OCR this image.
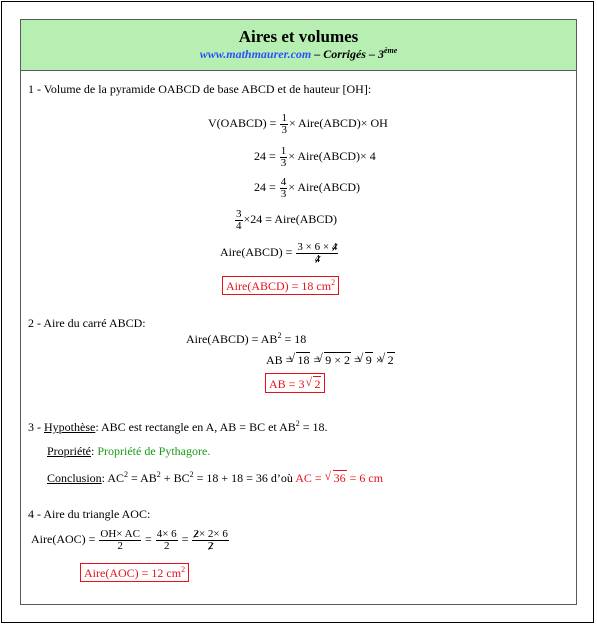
Aires et volumes
www.mathmaurer.com – Corrigés – 3ème
1 - Volume de la pyramide OABCD de base ABCD et de hauteur [OH]:
V(OABCD) = $\frac{1}{3}$ × Aire(ABCD)× OH
$24 = \frac{1}{3}$ × Aire(ABCD)× 4
$24 = \frac{4}{3}$ × Aire(ABCD)
$\frac{3}{4} \times 24$ = Aire(ABCD)
Aire(ABCD) = $\frac{3 \times 6 \times 4}{4}$
Aire(ABCD) = 18 $cm^2$
2 - Aire du carré ABCD:
Aire(ABCD) = $AB^2 = 18$
AB = √ 18 = √ 9 × 2 = √ 9 × √ 2
AB = 3√ 2
3 - Hypothèse: ABC est rectangle en A, AB = BC et $AB^2 = 18$.
Propriété: Propriété de Pythagore.
Conclusion: $AC^2 = AB^2 + BC^2 = 18 + 18 = 36$ d’où AC = √ 36 = 6 cm
4 - Aire du triangle AOC:
Aire(AOC) = $\frac{OH\times AC}{2} = \frac{4\times 6}{2} = \frac{2\times 2\times 6}{2}$
Aire(AOC) = 12 $cm^2$
